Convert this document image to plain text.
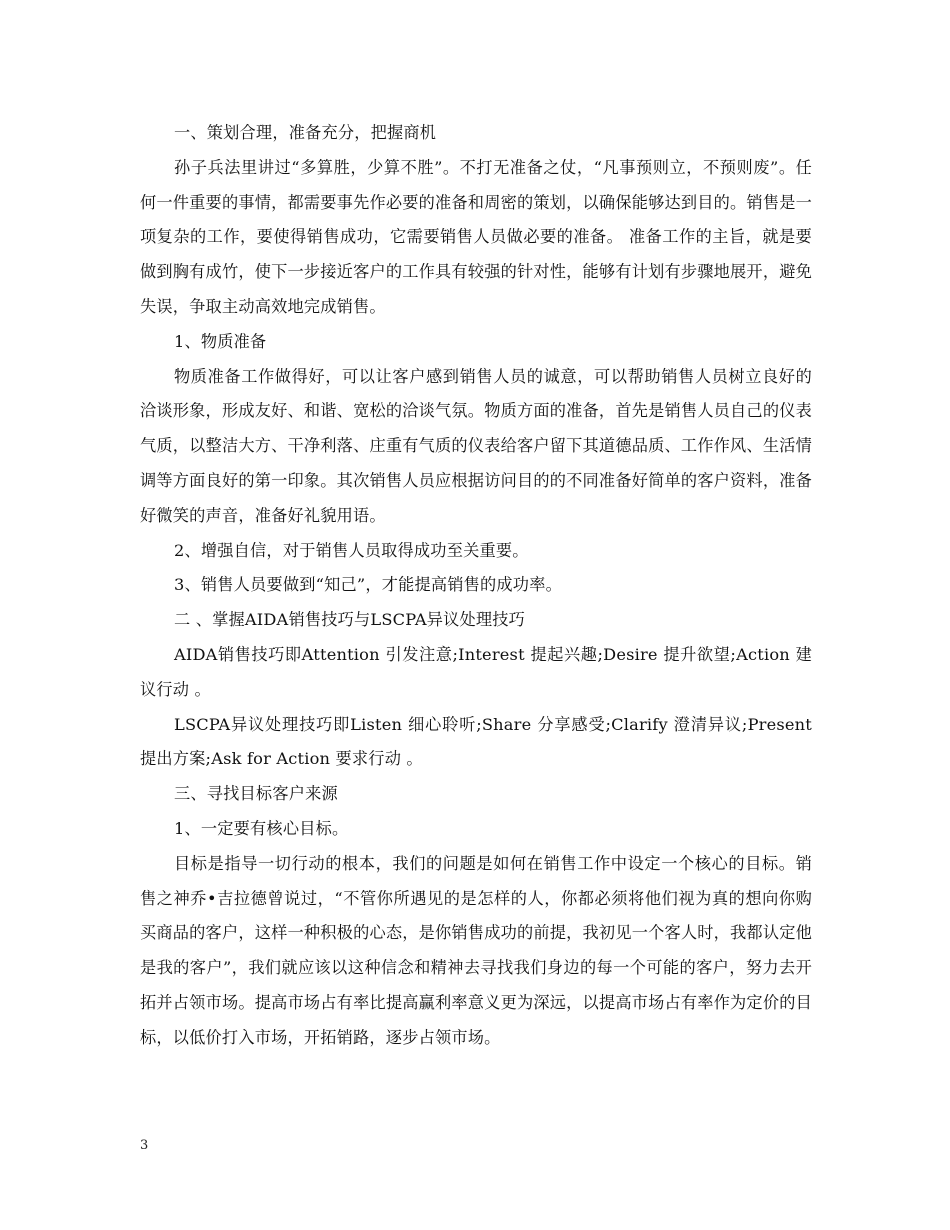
一、策划合理，准备充分，把握商机

孙子兵法里讲过“多算胜，少算不胜”。不打无准备之仗，“凡事预则立，不预则废”。任何一件重要的事情，都需要事先作必要的准备和周密的策划，以确保能够达到目的。销售是一项复杂的工作，要使得销售成功，它需要销售人员做必要的准备。 准备工作的主旨，就是要做到胸有成竹，使下一步接近客户的工作具有较强的针对性，能够有计划有步骤地展开，避免失误，争取主动高效地完成销售。

1、物质准备

物质准备工作做得好，可以让客户感到销售人员的诚意，可以帮助销售人员树立良好的洽谈形象，形成友好、和谐、宽松的洽谈气氛。物质方面的准备，首先是销售人员自己的仪表气质，以整洁大方、干净利落、庄重有气质的仪表给客户留下其道德品质、工作作风、生活情调等方面良好的第一印象。其次销售人员应根据访问目的的不同准备好简单的客户资料，准备好微笑的声音，准备好礼貌用语。

2、增强自信，对于销售人员取得成功至关重要。

3、销售人员要做到“知己”，才能提高销售的成功率。

二 、掌握AIDA销售技巧与LSCPA异议处理技巧

AIDA销售技巧即Attention 引发注意;Interest 提起兴趣;Desire 提升欲望;Action 建议行动 。

LSCPA异议处理技巧即Listen 细心聆听;Share 分享感受;Clarify 澄清异议;Present 提出方案;Ask for Action 要求行动 。

三、寻找目标客户来源

1、一定要有核心目标。

目标是指导一切行动的根本，我们的问题是如何在销售工作中设定一个核心的目标。销售之神乔•吉拉德曾说过，“不管你所遇见的是怎样的人，你都必须将他们视为真的想向你购买商品的客户，这样一种积极的心态，是你销售成功的前提，我初见一个客人时，我都认定他是我的客户”，我们就应该以这种信念和精神去寻找我们身边的每一个可能的客户，努力去开拓并占领市场。提高市场占有率比提高赢利率意义更为深远，以提高市场占有率作为定价的目标，以低价打入市场，开拓销路，逐步占领市场。

3
